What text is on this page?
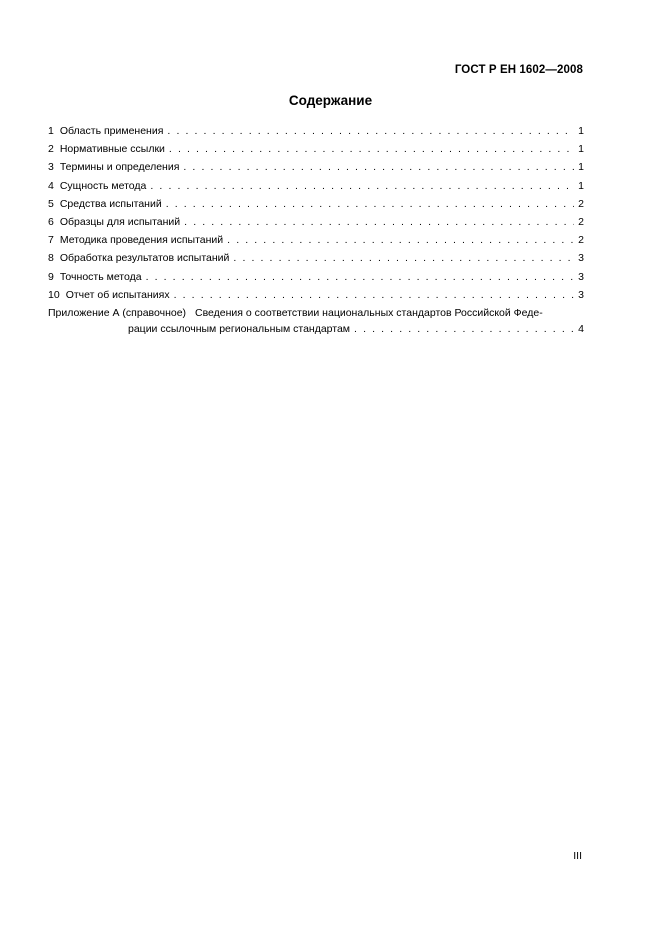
ГОСТ Р ЕН 1602—2008
Содержание
1 Область применения . . .	1
2 Нормативные ссылки . . .	1
3 Термины и определения . . .	1
4 Сущность метода . . .	1
5 Средства испытаний . . .	2
6 Образцы для испытаний . . .	2
7 Методика проведения испытаний . . .	2
8 Обработка результатов испытаний . . .	3
9 Точность метода . . .	3
10 Отчет об испытаниях . . .	3
Приложение А (справочное) Сведения о соответствии национальных стандартов Российской Феде-
рации ссылочным региональным стандартам . . .	4
III
